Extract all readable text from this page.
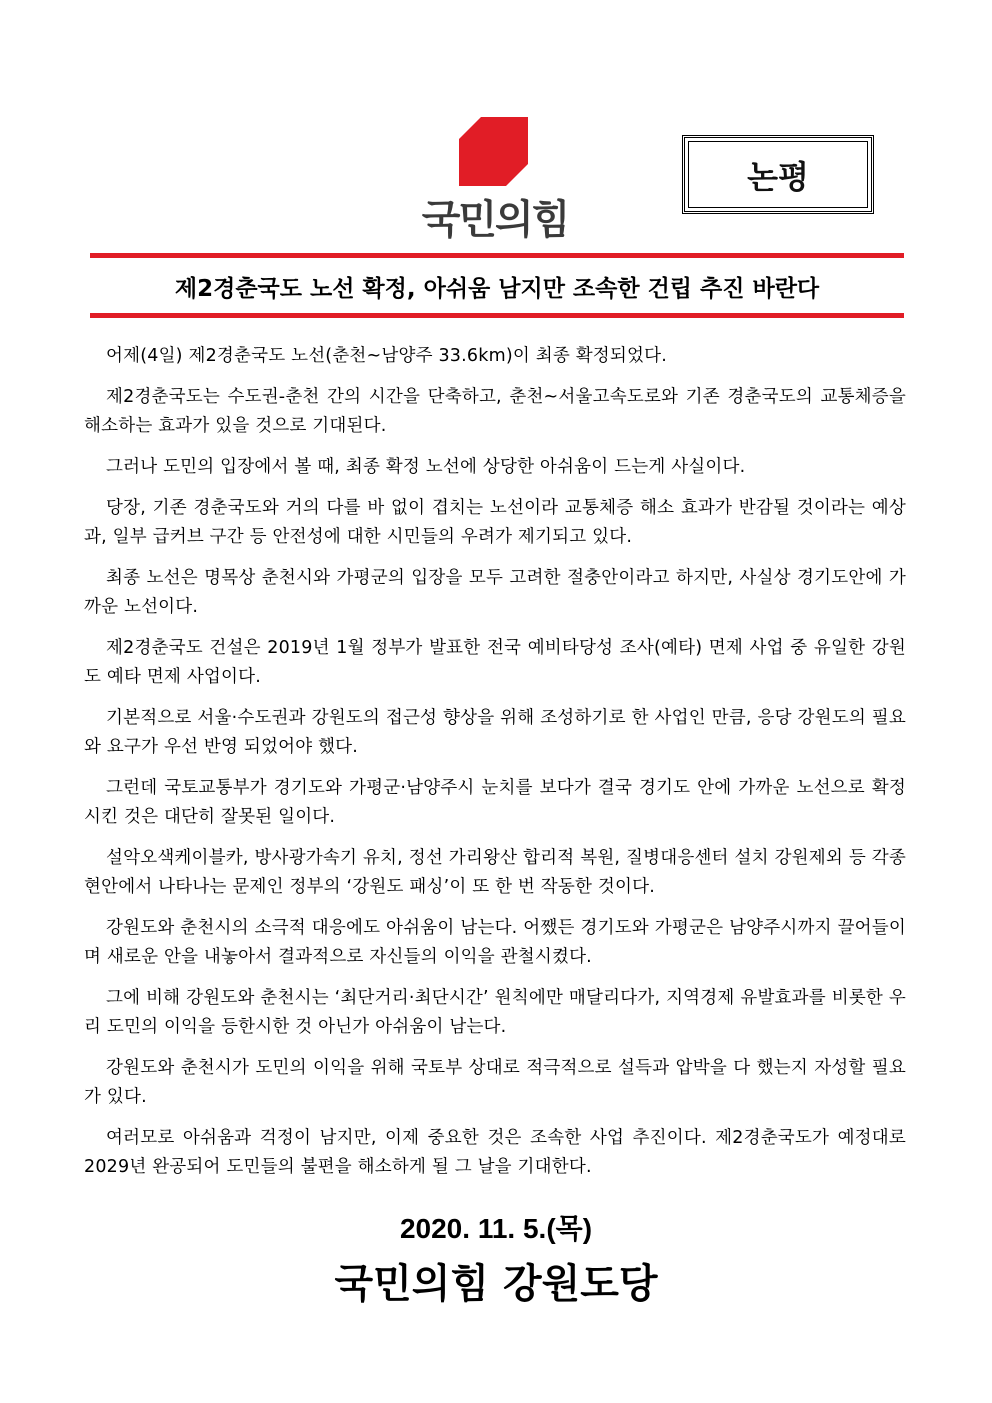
국민의힘
논평
제2경춘국도 노선 확정, 아쉬움 남지만 조속한 건립 추진 바란다

어제(4일) 제2경춘국도 노선(춘천~남양주 33.6km)이 최종 확정되었다.

제2경춘국도는 수도권-춘천 간의 시간을 단축하고, 춘천~서울고속도로와 기존 경춘국도의 교통체증을 해소하는 효과가 있을 것으로 기대된다.

그러나 도민의 입장에서 볼 때, 최종 확정 노선에 상당한 아쉬움이 드는게 사실이다.

당장, 기존 경춘국도와 거의 다를 바 없이 겹치는 노선이라 교통체증 해소 효과가 반감될 것이라는 예상과, 일부 급커브 구간 등 안전성에 대한 시민들의 우려가 제기되고 있다.

최종 노선은 명목상 춘천시와 가평군의 입장을 모두 고려한 절충안이라고 하지만, 사실상 경기도안에 가까운 노선이다.

제2경춘국도 건설은 2019년 1월 정부가 발표한 전국 예비타당성 조사(예타) 면제 사업 중 유일한 강원도 예타 면제 사업이다.

기본적으로 서울·수도권과 강원도의 접근성 향상을 위해 조성하기로 한 사업인 만큼, 응당 강원도의 필요와 요구가 우선 반영 되었어야 했다.

그런데 국토교통부가 경기도와 가평군·남양주시 눈치를 보다가 결국 경기도 안에 가까운 노선으로 확정시킨 것은 대단히 잘못된 일이다.

설악오색케이블카, 방사광가속기 유치, 정선 가리왕산 합리적 복원, 질병대응센터 설치 강원제외 등 각종 현안에서 나타나는 문제인 정부의 ‘강원도 패싱’이 또 한 번 작동한 것이다.

강원도와 춘천시의 소극적 대응에도 아쉬움이 남는다. 어쨌든 경기도와 가평군은 남양주시까지 끌어들이며 새로운 안을 내놓아서 결과적으로 자신들의 이익을 관철시켰다.

그에 비해 강원도와 춘천시는 ‘최단거리·최단시간’ 원칙에만 매달리다가, 지역경제 유발효과를 비롯한 우리 도민의 이익을 등한시한 것 아닌가 아쉬움이 남는다.

강원도와 춘천시가 도민의 이익을 위해 국토부 상대로 적극적으로 설득과 압박을 다 했는지 자성할 필요가 있다.

여러모로 아쉬움과 걱정이 남지만, 이제 중요한 것은 조속한 사업 추진이다. 제2경춘국도가 예정대로 2029년 완공되어 도민들의 불편을 해소하게 될 그 날을 기대한다.

2020. 11. 5.(목)
국민의힘 강원도당
